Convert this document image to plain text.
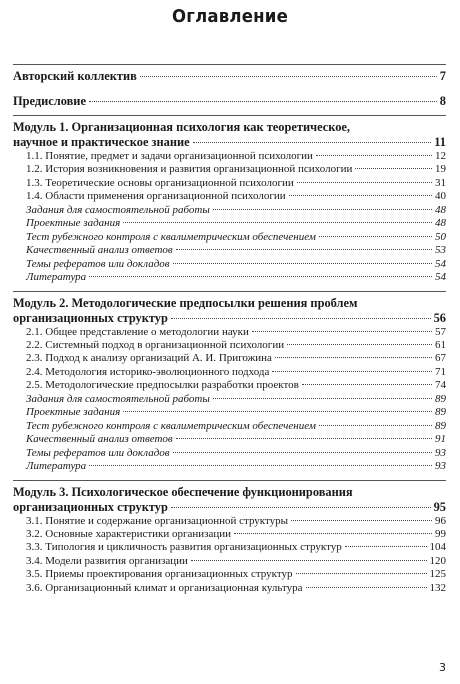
Оглавление
Авторский коллектив	7
Предисловие	8
Модуль 1. Организационная психология как теоретическое,
научное и практическое знание	11
1.1. Понятие, предмет и задачи организационной психологии	12
1.2. История возникновения и развития организационной психологии	19
1.3. Теоретические основы организационной психологии	31
1.4. Области применения организационной психологии	40
Задания для самостоятельной работы	48
Проектные задания	48
Тест рубежного контроля с квалиметрическим обеспечением	50
Качественный анализ ответов	53
Темы рефератов или докладов	54
Литература	54
Модуль 2. Методологические предпосылки решения проблем
организационных структур	56
2.1. Общее представление о методологии науки	57
2.2. Системный подход в организационной психологии	61
2.3. Подход к анализу организаций А. И. Пригожина	67
2.4. Методология историко-эволюционного подхода	71
2.5. Методологические предпосылки разработки проектов	74
Задания для самостоятельной работы	89
Проектные задания	89
Тест рубежного контроля с квалиметрическим обеспечением	89
Качественный анализ ответов	91
Темы рефератов или докладов	93
Литература	93
Модуль 3. Психологическое обеспечение функционирования
организационных структур	95
3.1. Понятие и содержание организационной структуры	96
3.2. Основные характеристики организации	99
3.3. Типология и цикличность развития организационных структур	104
3.4. Модели развития организации	120
3.5. Приемы проектирования организационных структур	125
3.6. Организационный климат и организационная культура	132
3
